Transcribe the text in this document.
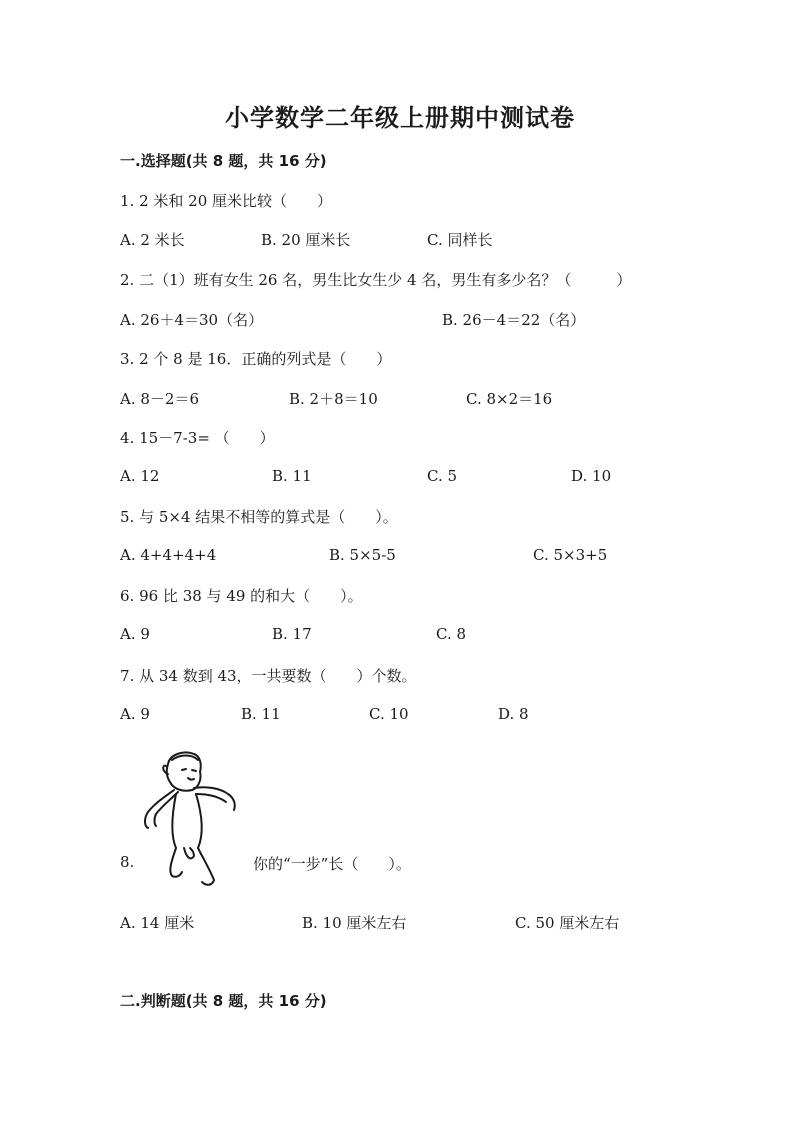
小学数学二年级上册期中测试卷
一.选择题(共 8 题，共 16 分)
1. 2 米和 20 厘米比较（　　）
A. 2 米长	B. 20 厘米长	C. 同样长
2. 二（1）班有女生 26 名，男生比女生少 4 名，男生有多少名？（　　　）
A. 26＋4＝30（名）	B. 26－4＝22（名）
3. 2 个 8 是 16．正确的列式是（　　）
A. 8－2＝6	B. 2＋8＝10	C. 8×2＝16
4. 15－7-3= （　　）
A. 12	B. 11	C. 5	D. 10
5. 与 5×4 结果不相等的算式是（　　）。
A. 4+4+4+4	B. 5×5-5	C. 5×3+5
6. 96 比 38 与 49 的和大（　　）。
A. 9	B. 17	C. 8
7. 从 34 数到 43，一共要数（　　）个数。
A. 9	B. 11	C. 10	D. 8
8.	你的“一步”长（　　）。
A. 14 厘米	B. 10 厘米左右	C. 50 厘米左右
二.判断题(共 8 题，共 16 分)
